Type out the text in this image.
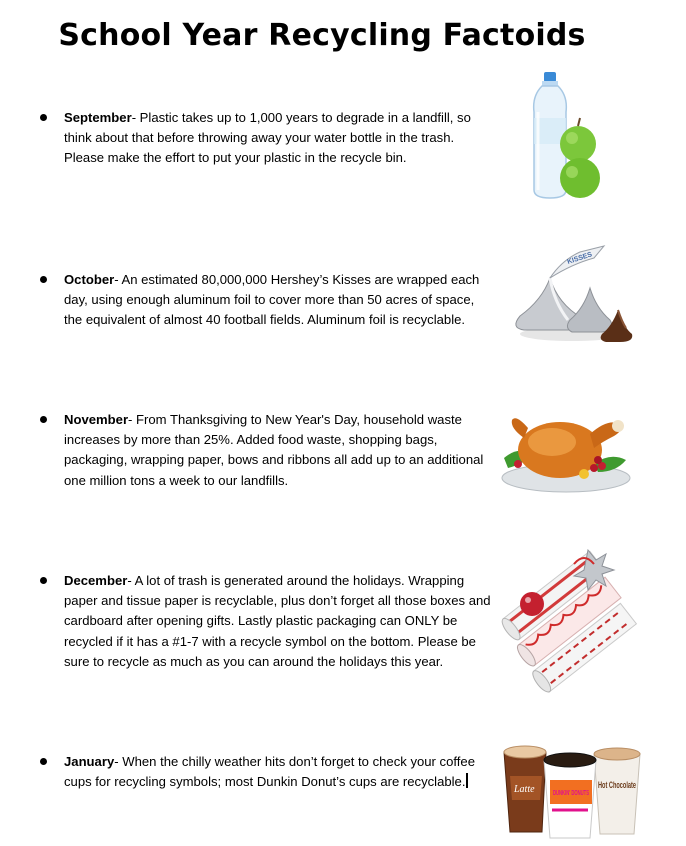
School Year Recycling Factoids
September- Plastic takes up to 1,000 years to degrade in a landfill, so think about that before throwing away your water bottle in the trash. Please make the effort to put your plastic in the recycle bin.
October- An estimated 80,000,000 Hershey’s Kisses are wrapped each day, using enough aluminum foil to cover more than 50 acres of space, the equivalent of almost 40 football fields. Aluminum foil is recyclable.
KISSES
November- From Thanksgiving to New Year's Day, household waste increases by more than 25%. Added food waste, shopping bags, packaging, wrapping paper, bows and ribbons all add up to an additional one million tons a week to our landfills.
December- A lot of trash is generated around the holidays. Wrapping paper and tissue paper is recyclable, plus don’t forget all those boxes and cardboard after opening gifts. Lastly plastic packaging can ONLY be recycled if it has a #1-7 with a recycle symbol on the bottom. Please be sure to recycle as much as you can around the holidays this year.
January- When the chilly weather hits don’t forget to check your coffee cups for recycling symbols; most Dunkin Donut’s cups are recyclable.	Hot Chocolate
Latte	DUNKIN' DONUTS
